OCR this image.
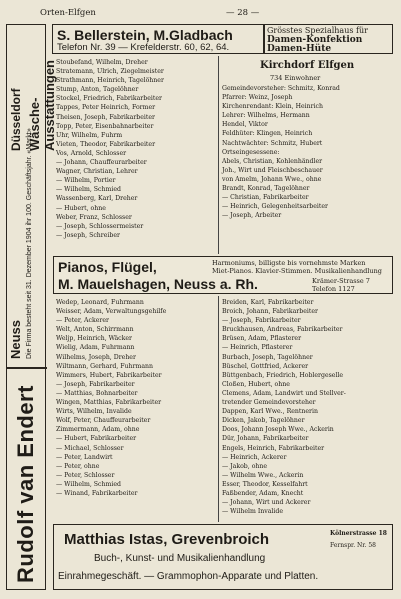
Orten-Elfgen	— 28 —
Rudolf van Endert
Neuss Die Firma besteht seit 31. Dezember 1904 ihr 100. Geschäftsjahr. «Markt»
Düsseldorf Wäsche-Ausstattungen
S. Bellerstein, M.Gladbach
Telefon Nr. 39 — Krefelderstr. 60, 62, 64.
Grösstes Spezialhaus für
Damen-Konfektion
Damen-Hüte
Stoubefand, Wilhelm, Dreher
Stratemann, Ulrich, Ziegelmeister
Strathmann, Heinrich, Tagelöhner
Stump, Anton, Tagelöhner
Stockel, Friedrich, Fabrikarbeiter
Tappes, Peter Heinrich, Former
Theisen, Joseph, Fabrikarbeiter
Topp, Peter, Eisenbahnarbeiter
Uhr, Wilhelm, Fuhrm
Vieten, Theodor, Fabrikarbeiter
Vos, Arnold, Schlosser
— Johann, Chauffeurarbeiter
Wagner, Christian, Lehrer
— Wilhelm, Portier
— Wilhelm, Schmied
Wassenberg, Karl, Dreher
— Hubert, ohne
Weber, Franz, Schlosser
— Joseph, Schlossermeister
— Joseph, Schreiber
Kirchdorf Elfgen
734 Einwohner
Gemeindevorsteher: Schmitz, Konrad
Pfarrer: Weinz, Joseph
Kirchenrendant: Klein, Heinrich
Lehrer: Wilhelms, Hermann
Hendel, Viktor
Feldhüter: Klingen, Heinrich
Nachtwächter: Schmitz, Hubert
Ortseingesessene:
Abels, Christian, Kohlenhändler
Joh., Wirt und Fleischbeschauer
von Amelm, Johann Wwe., ohne
Brandt, Konrad, Tagelöhner
— Christian, Fabrikarbeiter
— Heinrich, Gelegenheitsarbeiter
— Joseph, Arbeiter
Pianos, Flügel,
M. Mauelshagen, Neuss a. Rh.
Harmoniums, billigste bis vornehmste Marken
Miet-Pianos. Klavier-Stimmen. Musikalienhandlung
Krämer-Strasse 7
Telefon 1127
Wedep, Leonard, Fuhrmann
Weisser, Adam, Verwaltungsgehilfe
— Peter, Ackerer
Welt, Anton, Schirrmann
Weljp, Heinrich, Wäcker
Wielig, Adam, Fuhrmann
Wilhelms, Joseph, Dreher
Wiltmann, Gerhard, Fuhrmann
Wimmers, Hubert, Fabrikarbeiter
— Joseph, Fabrikarbeiter
— Matthias, Bohnarbeiter
Wingen, Matthias, Fabrikarbeiter
Wirts, Wilhelm, Invalide
Wolf, Peter, Chauffeurarbeiter
Zimmermann, Adam, ohne
— Hubert, Fabrikarbeiter
— Michael, Schlosser
— Peter, Landwirt
— Peter, ohne
— Peter, Schlosser
— Wilhelm, Schmied
— Winand, Fabrikarbeiter
Breiden, Karl, Fabrikarbeiter
Broich, Johann, Fabrikarbeiter
— Joseph, Fabrikarbeiter
Bruckhausen, Andreas, Fabrikarbeiter
Brüsen, Adam, Pflasterer
— Heinrich, Pflasterer
Burbach, Joseph, Tagelöhner
Büschel, Gottfried, Ackerer
Büttgenbach, Friedrich, Hoblergeselle
Cloßen, Hubert, ohne
Clemens, Adam, Landwirt und Stellver-
tretender Gemeindevorsteher
Dappen, Karl Wwe., Rentnerin
Dicken, Jakob, Tagelöhner
Doos, Johann Joseph Wwe., Ackerin
Dür, Johann, Fabrikarbeiter
Engels, Heinrich, Fabrikarbeiter
— Heinrich, Ackerer
— Jakob, ohne
— Wilhelm Wwe., Ackerin
Esser, Theodor, Kesselfahrt
Faßbender, Adam, Knecht
— Johann, Wirt und Ackerer
— Wilhelm Invalide
Matthias Istas, Grevenbroich
Buch-, Kunst- und Musikalienhandlung
Einrahmegeschäft. — Grammophon-Apparate und Platten.
Kölnerstrasse 18
Fernspr. Nr. 58
